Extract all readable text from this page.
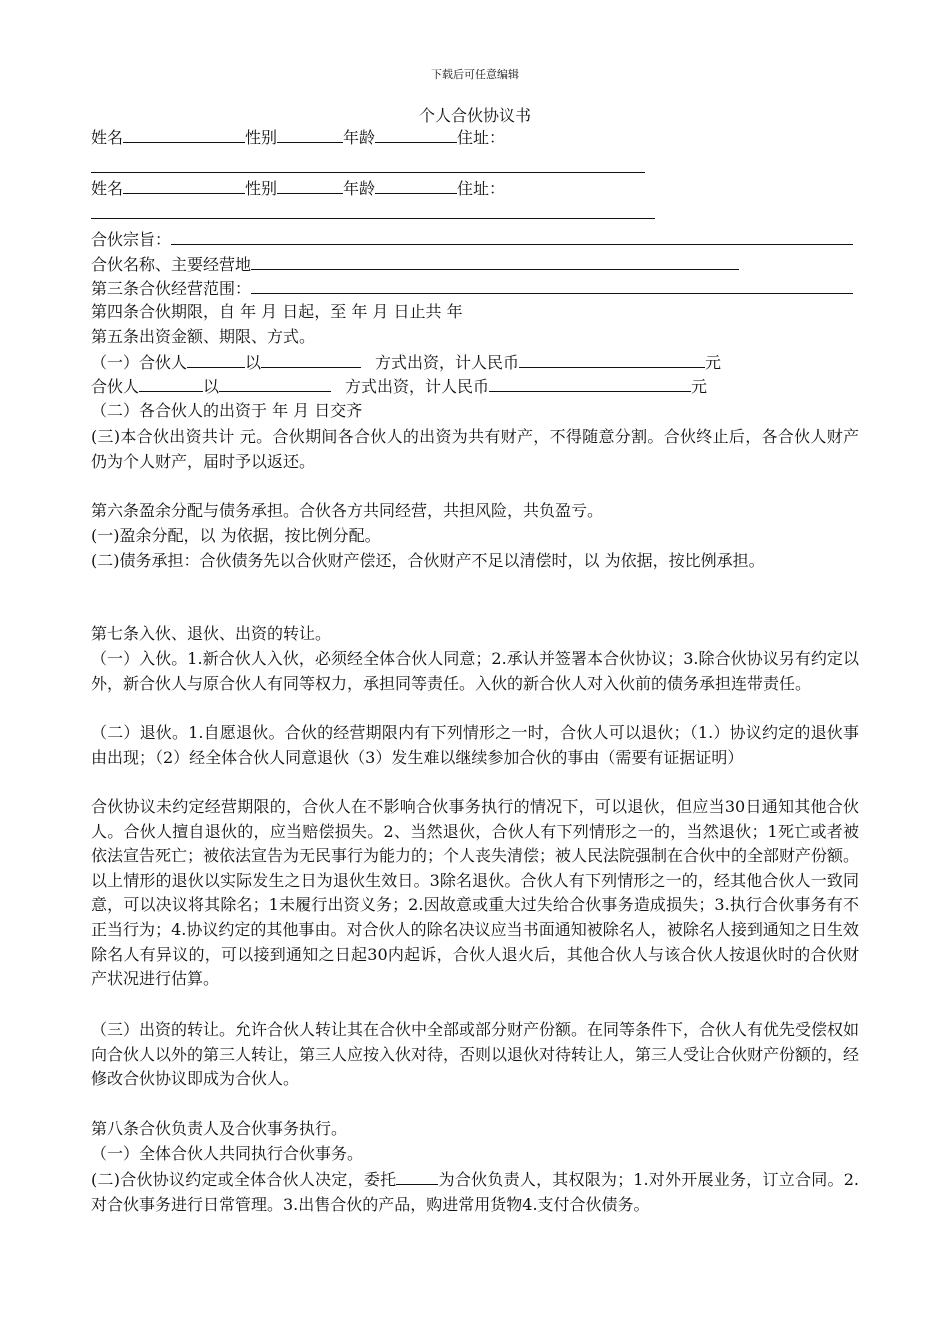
下载后可任意编辑
个人合伙协议书
姓名	性别	年龄	住址：
姓名	性别	年龄	住址：
合伙宗旨：
合伙名称、主要经营地
第三条合伙经营范围：
第四条合伙期限，自 年 月 日起，至 年 月 日止共 年
第五条出资金额、期限、方式。
（一）合伙人	以	方式出资，计人民币	元
合伙人	以	方式出资，计人民币	元
（二）各合伙人的出资于 年 月 日交齐
(三)本合伙出资共计 元。合伙期间各合伙人的出资为共有财产，不得随意分割。合伙终止后，各合伙人财产仍为个人财产，届时予以返还。
第六条盈余分配与债务承担。合伙各方共同经营，共担风险，共负盈亏。
(一)盈余分配，以 为依据，按比例分配。
(二)债务承担：合伙债务先以合伙财产偿还，合伙财产不足以清偿时，以 为依据，按比例承担。
第七条入伙、退伙、出资的转让。
（一）入伙。1.新合伙人入伙，必须经全体合伙人同意；2.承认并签署本合伙协议；3.除合伙协议另有约定以外，新合伙人与原合伙人有同等权力，承担同等责任。入伙的新合伙人对入伙前的债务承担连带责任。
（二）退伙。1.自愿退伙。合伙的经营期限内有下列情形之一时，合伙人可以退伙；（1.）协议约定的退伙事由出现；（2）经全体合伙人同意退伙（3）发生难以继续参加合伙的事由（需要有证据证明）
合伙协议未约定经营期限的，合伙人在不影响合伙事务执行的情况下，可以退伙，但应当30日通知其他合伙人。合伙人擅自退伙的，应当赔偿损失。2、当然退伙，合伙人有下列情形之一的，当然退伙；1死亡或者被依法宣告死亡；被依法宣告为无民事行为能力的；个人丧失清偿；被人民法院强制在合伙中的全部财产份额。以上情形的退伙以实际发生之日为退伙生效日。3除名退伙。合伙人有下列情形之一的，经其他合伙人一致同意，可以决议将其除名；1未履行出资义务；2.因故意或重大过失给合伙事务造成损失；3.执行合伙事务有不正当行为；4.协议约定的其他事由。对合伙人的除名决议应当书面通知被除名人，被除名人接到通知之日生效除名人有异议的，可以接到通知之日起30内起诉，合伙人退火后，其他合伙人与该合伙人按退伙时的合伙财产状况进行估算。
（三）出资的转让。允许合伙人转让其在合伙中全部或部分财产份额。在同等条件下，合伙人有优先受偿权如向合伙人以外的第三人转让，第三人应按入伙对待，否则以退伙对待转让人，第三人受让合伙财产份额的，经修改合伙协议即成为合伙人。
第八条合伙负责人及合伙事务执行。
（一）全体合伙人共同执行合伙事务。
(二)合伙协议约定或全体合伙人决定，委托	为合伙负责人，其权限为；1.对外开展业务，订立合同。2.对合伙事务进行日常管理。3.出售合伙的产品，购进常用货物4.支付合伙债务。
